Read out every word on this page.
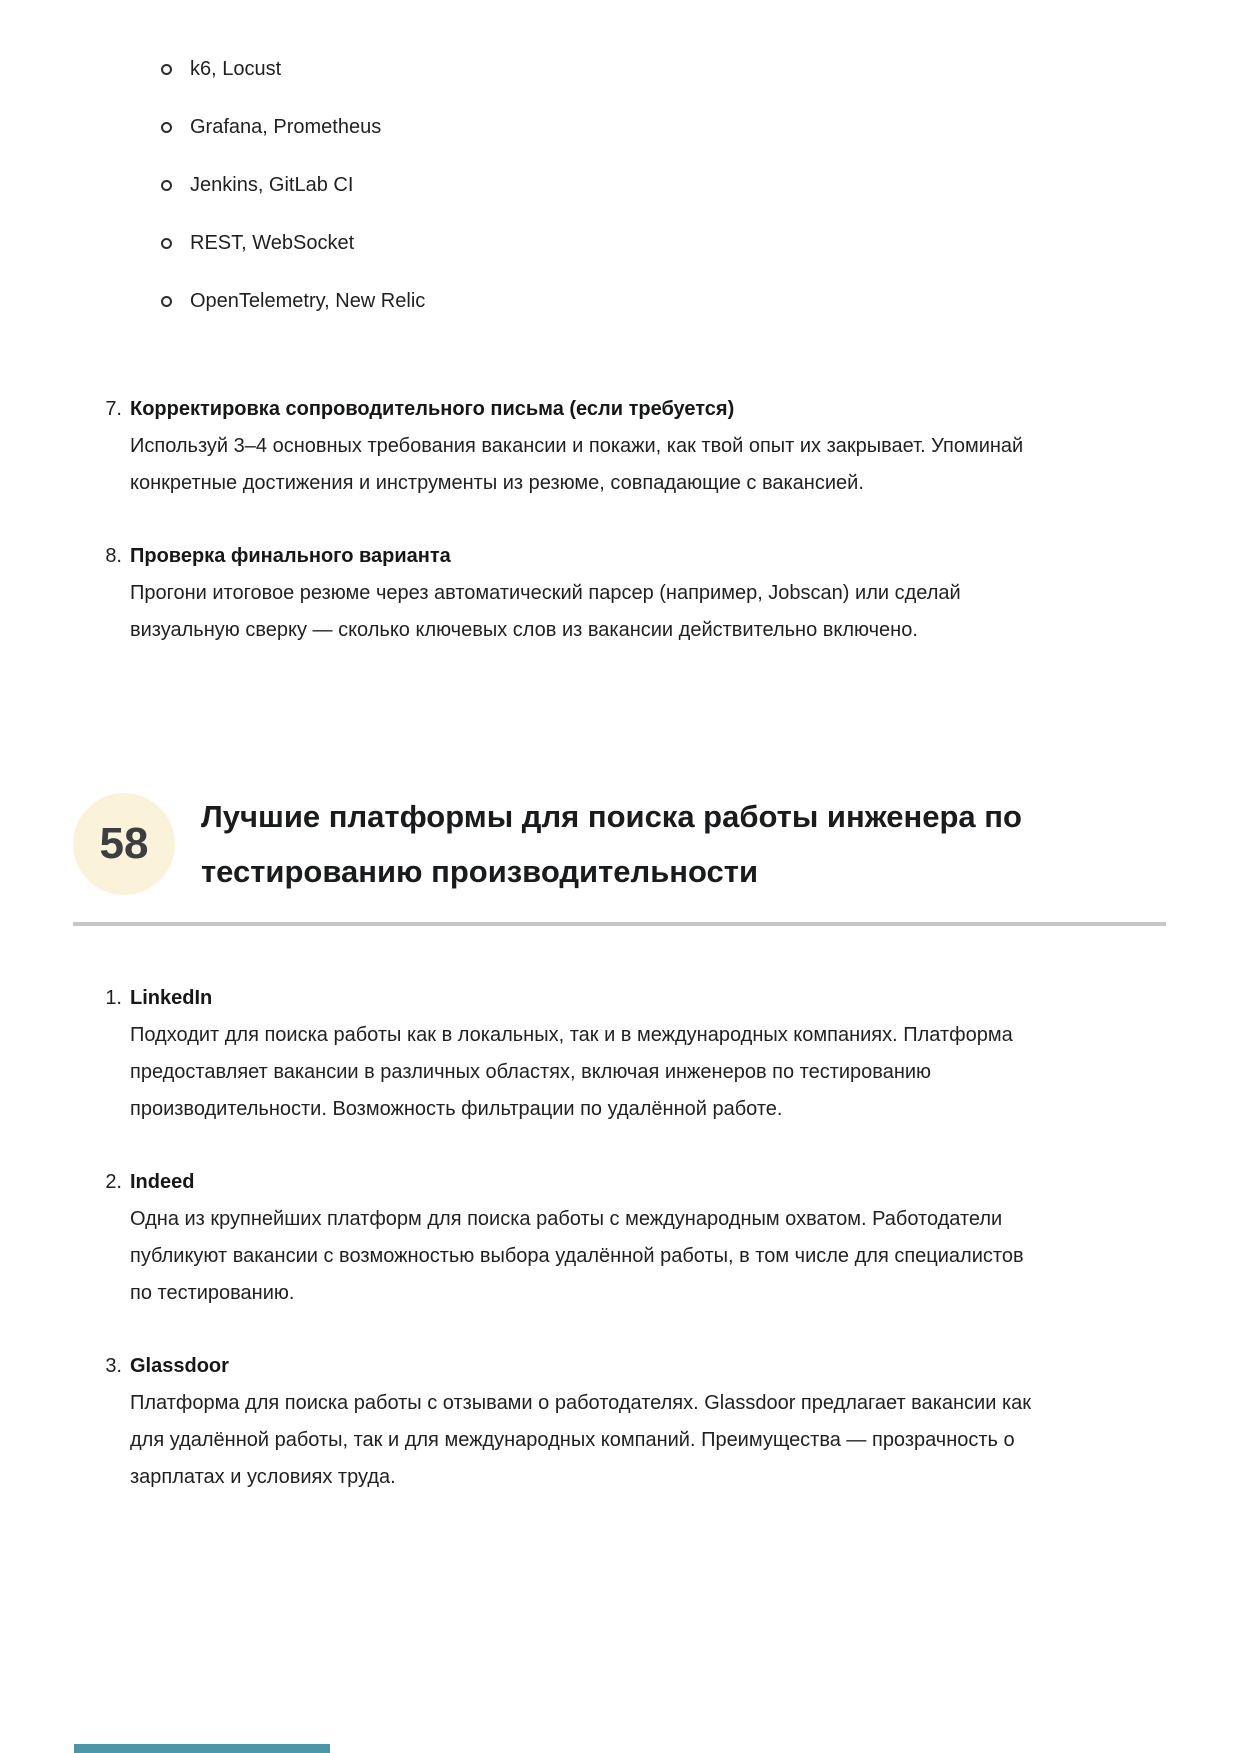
k6, Locust
Grafana, Prometheus
Jenkins, GitLab CI
REST, WebSocket
OpenTelemetry, New Relic
7. Корректировка сопроводительного письма (если требуется)
Используй 3–4 основных требования вакансии и покажи, как твой опыт их закрывает. Упоминай конкретные достижения и инструменты из резюме, совпадающие с вакансией.
8. Проверка финального варианта
Прогони итоговое резюме через автоматический парсер (например, Jobscan) или сделай визуальную сверку — сколько ключевых слов из вакансии действительно включено.
58
Лучшие платформы для поиска работы инженера по тестированию производительности
1. LinkedIn
Подходит для поиска работы как в локальных, так и в международных компаниях. Платформа предоставляет вакансии в различных областях, включая инженеров по тестированию производительности. Возможность фильтрации по удалённой работе.
2. Indeed
Одна из крупнейших платформ для поиска работы с международным охватом. Работодатели публикуют вакансии с возможностью выбора удалённой работы, в том числе для специалистов по тестированию.
3. Glassdoor
Платформа для поиска работы с отзывами о работодателях. Glassdoor предлагает вакансии как для удалённой работы, так и для международных компаний. Преимущества — прозрачность о зарплатах и условиях труда.
